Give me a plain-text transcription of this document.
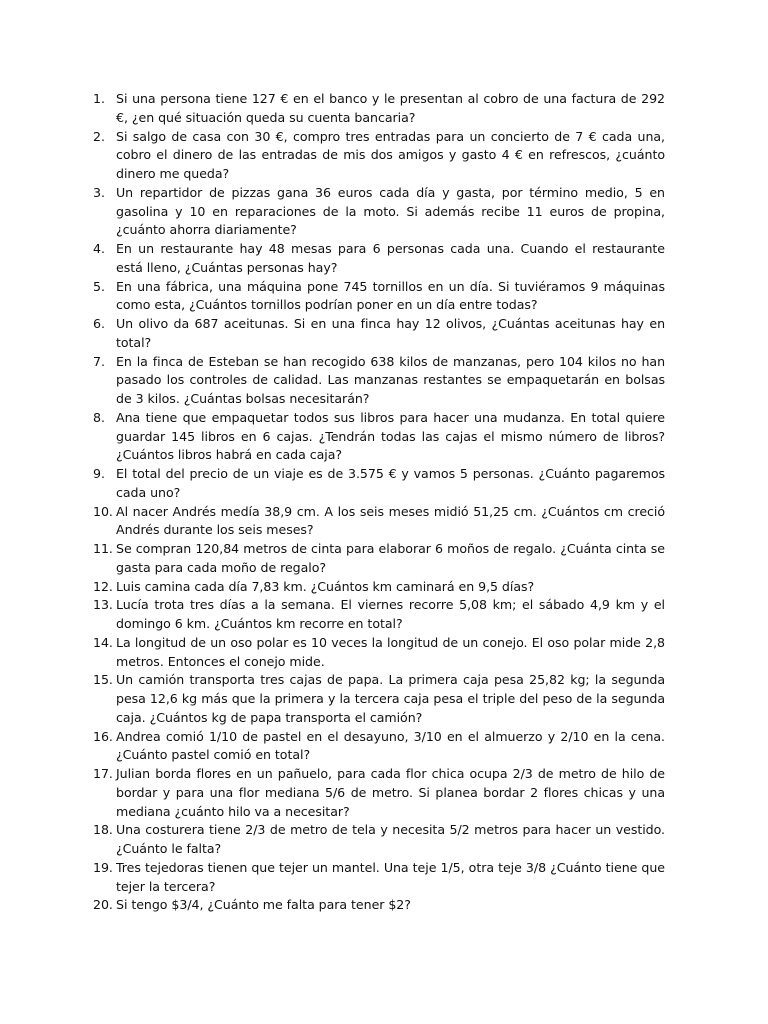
1. Si una persona tiene 127 € en el banco y le presentan al cobro de una factura de 292 €, ¿en qué situación queda su cuenta bancaria?
2. Si salgo de casa con 30 €, compro tres entradas para un concierto de 7 € cada una, cobro el dinero de las entradas de mis dos amigos y gasto 4 € en refrescos, ¿cuánto dinero me queda?
3. Un repartidor de pizzas gana 36 euros cada día y gasta, por término medio, 5 en gasolina y 10 en reparaciones de la moto. Si además recibe 11 euros de propina, ¿cuánto ahorra diariamente?
4. En un restaurante hay 48 mesas para 6 personas cada una. Cuando el restaurante está lleno, ¿Cuántas personas hay?
5. En una fábrica, una máquina pone 745 tornillos en un día. Si tuviéramos 9 máquinas como esta, ¿Cuántos tornillos podrían poner en un día entre todas?
6. Un olivo da 687 aceitunas. Si en una finca hay 12 olivos, ¿Cuántas aceitunas hay en total?
7. En la finca de Esteban se han recogido 638 kilos de manzanas, pero 104 kilos no han pasado los controles de calidad. Las manzanas restantes se empaquetarán en bolsas de 3 kilos. ¿Cuántas bolsas necesitarán?
8. Ana tiene que empaquetar todos sus libros para hacer una mudanza. En total quiere guardar 145 libros en 6 cajas. ¿Tendrán todas las cajas el mismo número de libros? ¿Cuántos libros habrá en cada caja?
9. El total del precio de un viaje es de 3.575 € y vamos 5 personas. ¿Cuánto pagaremos cada uno?
10. Al nacer Andrés medía 38,9 cm. A los seis meses midió 51,25 cm. ¿Cuántos cm creció Andrés durante los seis meses?
11. Se compran 120,84 metros de cinta para elaborar 6 moños de regalo. ¿Cuánta cinta se gasta para cada moño de regalo?
12. Luis camina cada día 7,83 km. ¿Cuántos km caminará en 9,5 días?
13. Lucía trota tres días a la semana. El viernes recorre 5,08 km; el sábado 4,9 km y el domingo 6 km. ¿Cuántos km recorre en total?
14. La longitud de un oso polar es 10 veces la longitud de un conejo. El oso polar mide 2,8 metros. Entonces el conejo mide.
15. Un camión transporta tres cajas de papa. La primera caja pesa 25,82 kg; la segunda pesa 12,6 kg más que la primera y la tercera caja pesa el triple del peso de la segunda caja. ¿Cuántos kg de papa transporta el camión?
16. Andrea comió 1/10 de pastel en el desayuno, 3/10 en el almuerzo y 2/10 en la cena. ¿Cuánto pastel comió en total?
17. Julian borda flores en un pañuelo, para cada flor chica ocupa 2/3 de metro de hilo de bordar y para una flor mediana 5/6 de metro. Si planea bordar 2 flores chicas y una mediana ¿cuánto hilo va a necesitar?
18. Una costurera tiene 2/3 de metro de tela y necesita 5/2 metros para hacer un vestido. ¿Cuánto le falta?
19. Tres tejedoras tienen que tejer un mantel. Una teje 1/5, otra teje 3/8 ¿Cuánto tiene que tejer la tercera?
20. Si tengo $3/4, ¿Cuánto me falta para tener $2?
